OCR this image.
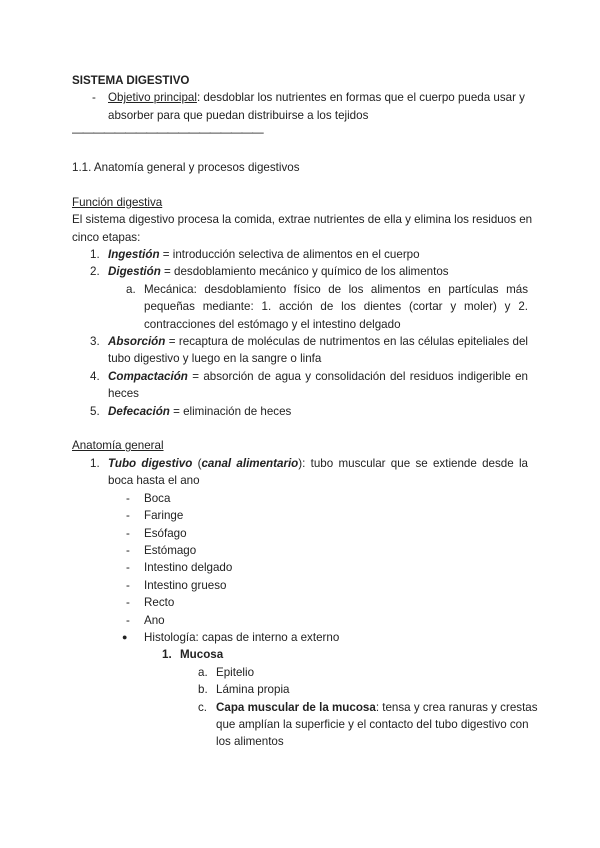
SISTEMA DIGESTIVO
-	Objetivo principal: desdoblar los nutrientes en formas que el cuerpo pueda usar y
absorber para que puedan distribuirse a los tejidos
——————————————————
1.1. Anatomía general y procesos digestivos
Función digestiva
El sistema digestivo procesa la comida, extrae nutrientes de ella y elimina los residuos en
cinco etapas:
1. Ingestión = introducción selectiva de alimentos en el cuerpo
2. Digestión = desdoblamiento mecánico y químico de los alimentos
a. Mecánica: desdoblamiento físico de los alimentos en partículas más
pequeñas mediante: 1. acción de los dientes (cortar y moler) y 2.
contracciones del estómago y el intestino delgado
3. Absorción = recaptura de moléculas de nutrimentos en las células epiteliales del
tubo digestivo y luego en la sangre o linfa
4. Compactación = absorción de agua y consolidación del residuos indigerible en
heces
5. Defecación = eliminación de heces
Anatomía general
1. Tubo digestivo (canal alimentario): tubo muscular que se extiende desde la
boca hasta el ano
-	Boca
-	Faringe
-	Esófago
-	Estómago
-	Intestino delgado
-	Intestino grueso
-	Recto
-	Ano
●	Histología: capas de interno a externo
1. Mucosa
a. Epitelio
b. Lámina propia
c. Capa muscular de la mucosa: tensa y crea ranuras y crestas
que amplían la superficie y el contacto del tubo digestivo con
los alimentos
